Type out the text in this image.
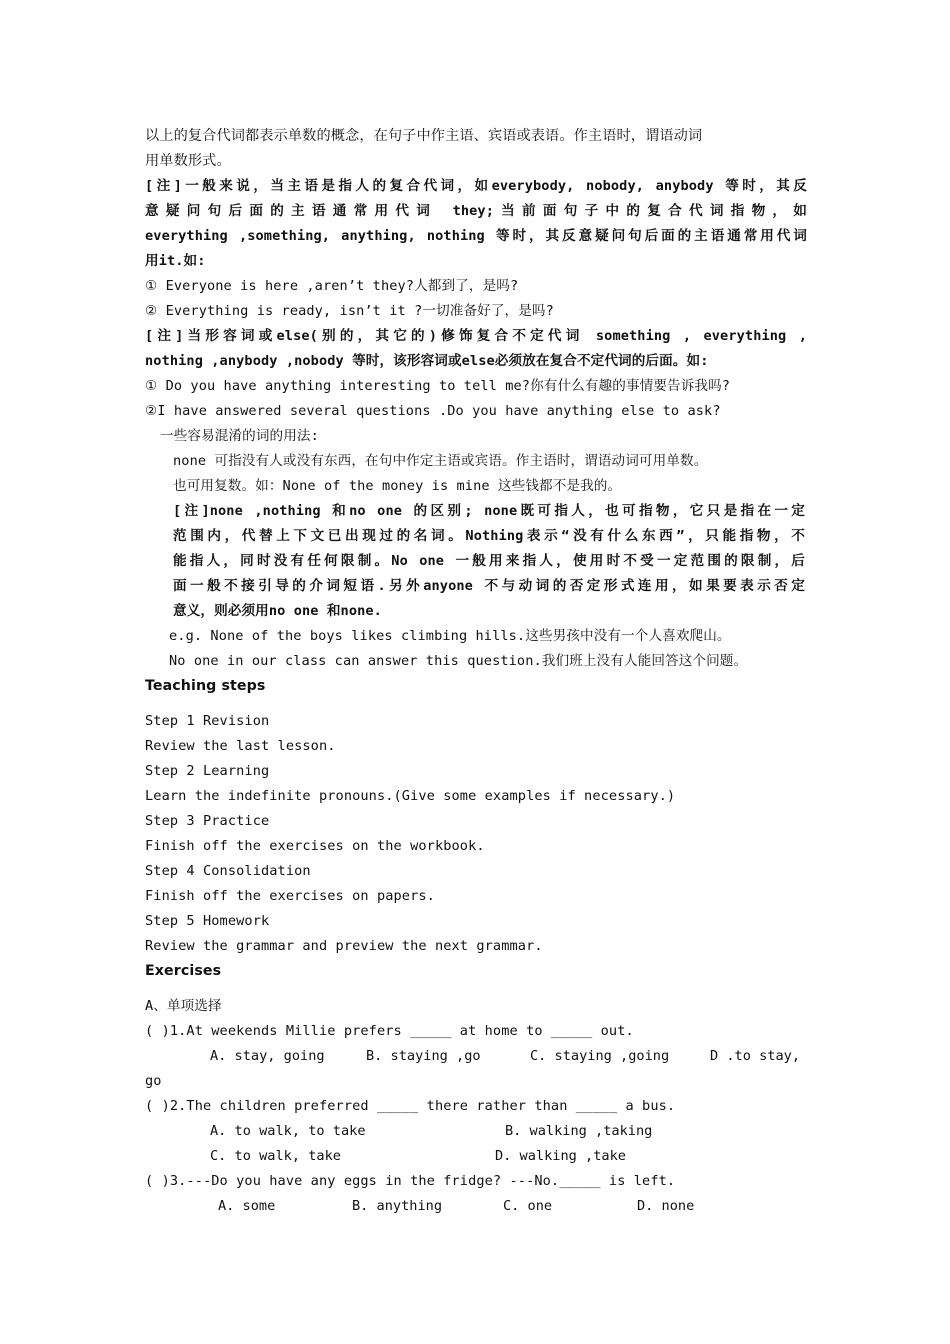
以上的复合代词都表示单数的概念，在句子中作主语、宾语或表语。作主语时，谓语动词
用单数形式。
[注]一般来说，当主语是指人的复合代词，如everybody, nobody, anybody 等时，其反
意疑问句后面的主语通常用代词 they;当前面句子中的复合代词指物，如
everything ,something, anything, nothing 等时，其反意疑问句后面的主语通常用代词
用it.如:
① Everyone is here ,aren’t they?人都到了，是吗?
② Everything is ready, isn’t it ?一切准备好了，是吗?
[注]当形容词或else(别的，其它的)修饰复合不定代词 something , everything ,
nothing ,anybody ,nobody 等时，该形容词或else必须放在复合不定代词的后面。如:
① Do you have anything interesting to tell me?你有什么有趣的事情要告诉我吗?
②I have answered several questions .Do you have anything else to ask?
一些容易混淆的词的用法:
none 可指没有人或没有东西，在句中作定主语或宾语。作主语时，谓语动词可用单数。
也可用复数。如：None of the money is mine 这些钱都不是我的。
[注]none ,nothing 和no one 的区别; none既可指人，也可指物，它只是指在一定
范围内，代替上下文已出现过的名词。Nothing表示“没有什么东西”，只能指物，不
能指人，同时没有任何限制。No one 一般用来指人，使用时不受一定范围的限制，后
面一般不接引导的介词短语.另外anyone 不与动词的否定形式连用，如果要表示否定
意义，则必须用no one 和none.
e.g. None of the boys likes climbing hills.这些男孩中没有一个人喜欢爬山。
No one in our class can answer this question.我们班上没有人能回答这个问题。
Teaching steps
Step 1 Revision
Review the last lesson.
Step 2 Learning
Learn the indefinite pronouns.(Give some examples if necessary.)
Step 3 Practice
Finish off the exercises on the workbook.
Step 4 Consolidation
Finish off the exercises on papers.
Step 5 Homework
Review the grammar and preview the next grammar.
Exercises
A、单项选择
( )1.At weekends Millie prefers _____ at home to _____ out.
A. stay, going	B. staying ,go	C. staying ,going	D .to stay,
go
( )2.The children preferred _____ there rather than _____ a bus.
A. to walk, to take	B. walking ,taking
C. to walk, take	D. walking ,take
( )3.---Do you have any eggs in the fridge? ---No._____ is left.
A. some	B. anything	C. one	D. none
